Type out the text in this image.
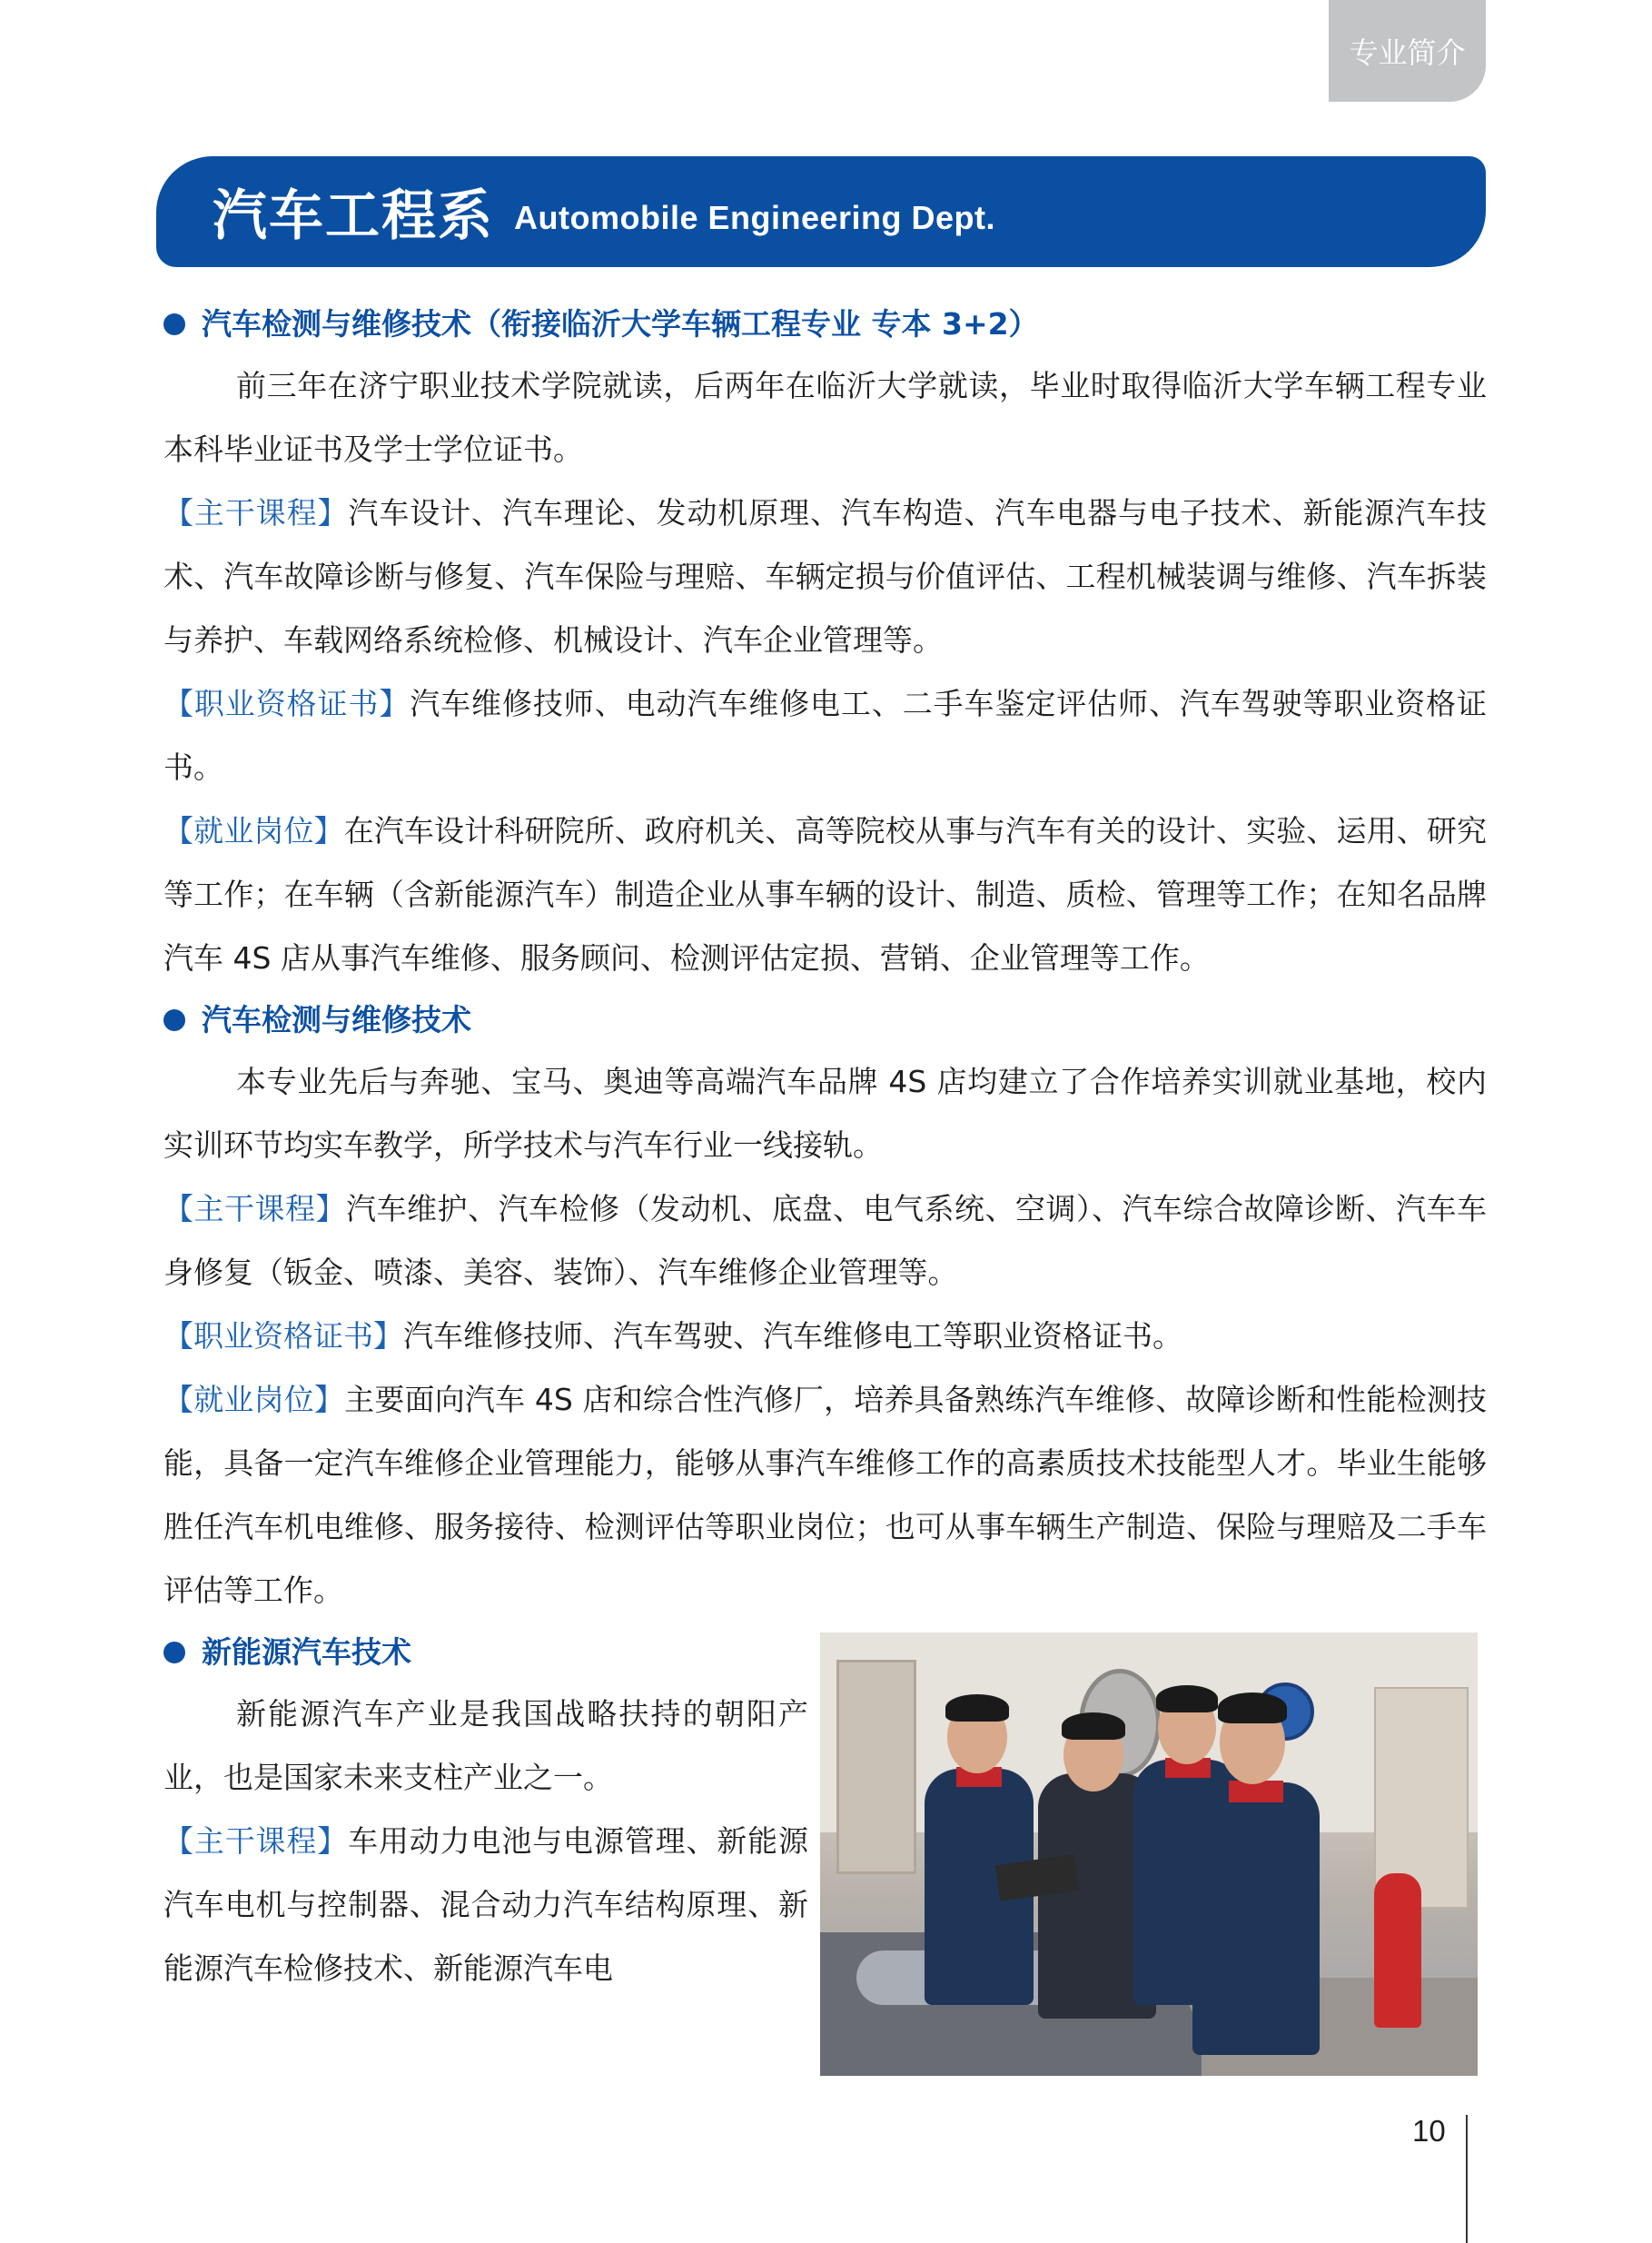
专业简介
汽车工程系 Automobile Engineering Dept.
汽车检测与维修技术（衔接临沂大学车辆工程专业 专本 3+2）

前三年在济宁职业技术学院就读，后两年在临沂大学就读，毕业时取得临沂大学车辆工程专业本科毕业证书及学士学位证书。

【主干课程】汽车设计、汽车理论、发动机原理、汽车构造、汽车电器与电子技术、新能源汽车技术、汽车故障诊断与修复、汽车保险与理赔、车辆定损与价值评估、工程机械装调与维修、汽车拆装与养护、车载网络系统检修、机械设计、汽车企业管理等。

【职业资格证书】汽车维修技师、电动汽车维修电工、二手车鉴定评估师、汽车驾驶等职业资格证书。

【就业岗位】在汽车设计科研院所、政府机关、高等院校从事与汽车有关的设计、实验、运用、研究等工作；在车辆（含新能源汽车）制造企业从事车辆的设计、制造、质检、管理等工作；在知名品牌汽车 4S 店从事汽车维修、服务顾问、检测评估定损、营销、企业管理等工作。

汽车检测与维修技术

本专业先后与奔驰、宝马、奥迪等高端汽车品牌 4S 店均建立了合作培养实训就业基地，校内实训环节均实车教学，所学技术与汽车行业一线接轨。

【主干课程】汽车维护、汽车检修（发动机、底盘、电气系统、空调）、汽车综合故障诊断、汽车车身修复（钣金、喷漆、美容、装饰）、汽车维修企业管理等。

【职业资格证书】汽车维修技师、汽车驾驶、汽车维修电工等职业资格证书。

【就业岗位】主要面向汽车 4S 店和综合性汽修厂，培养具备熟练汽车维修、故障诊断和性能检测技能，具备一定汽车维修企业管理能力，能够从事汽车维修工作的高素质技术技能型人才。毕业生能够胜任汽车机电维修、服务接待、检测评估等职业岗位；也可从事车辆生产制造、保险与理赔及二手车评估等工作。

新能源汽车技术

新能源汽车产业是我国战略扶持的朝阳产业，也是国家未来支柱产业之一。

【主干课程】车用动力电池与电源管理、新能源汽车电机与控制器、混合动力汽车结构原理、新能源汽车检修技术、新能源汽车电

10
